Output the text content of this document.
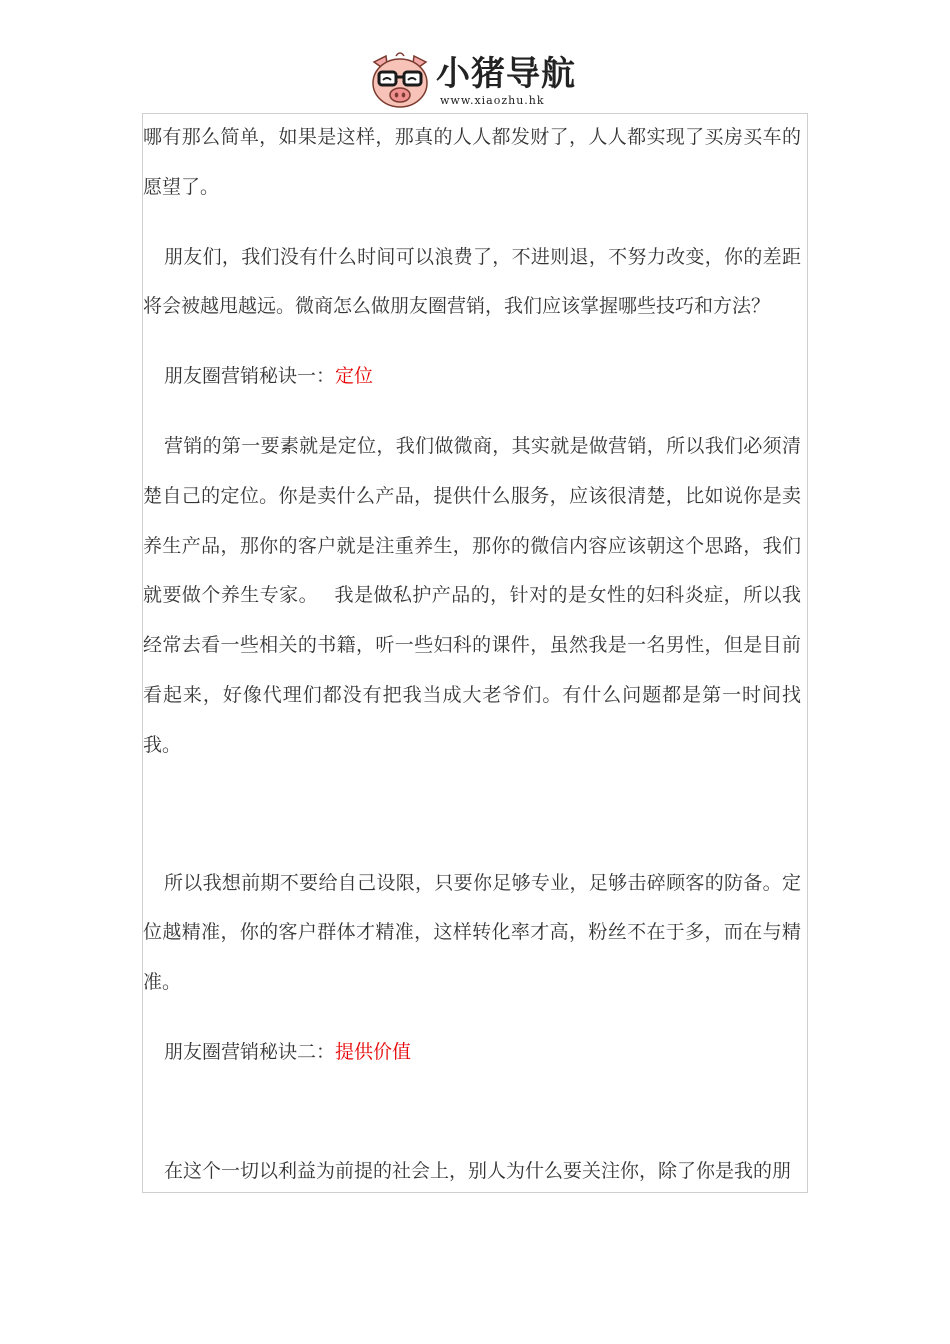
小猪导航
www.xiaozhu.hk

哪有那么简单，如果是这样，那真的人人都发财了，人人都实现了买房买车的愿望了。

朋友们，我们没有什么时间可以浪费了，不进则退，不努力改变，你的差距将会被越甩越远。微商怎么做朋友圈营销，我们应该掌握哪些技巧和方法？

朋友圈营销秘诀一：定位

营销的第一要素就是定位，我们做微商，其实就是做营销，所以我们必须清楚自己的定位。你是卖什么产品，提供什么服务，应该很清楚，比如说你是卖养生产品，那你的客户就是注重养生，那你的微信内容应该朝这个思路，我们就要做个养生专家。　 我是做私护产品的，针对的是女性的妇科炎症，所以我经常去看一些相关的书籍，听一些妇科的课件，虽然我是一名男性，但是目前看起来，好像代理们都没有把我当成大老爷们。有什么问题都是第一时间找我。

所以我想前期不要给自己设限，只要你足够专业，足够击碎顾客的防备。定位越精准，你的客户群体才精准，这样转化率才高，粉丝不在于多，而在与精准。

朋友圈营销秘诀二：提供价值

在这个一切以利益为前提的社会上，别人为什么要关注你，除了你是我的朋
